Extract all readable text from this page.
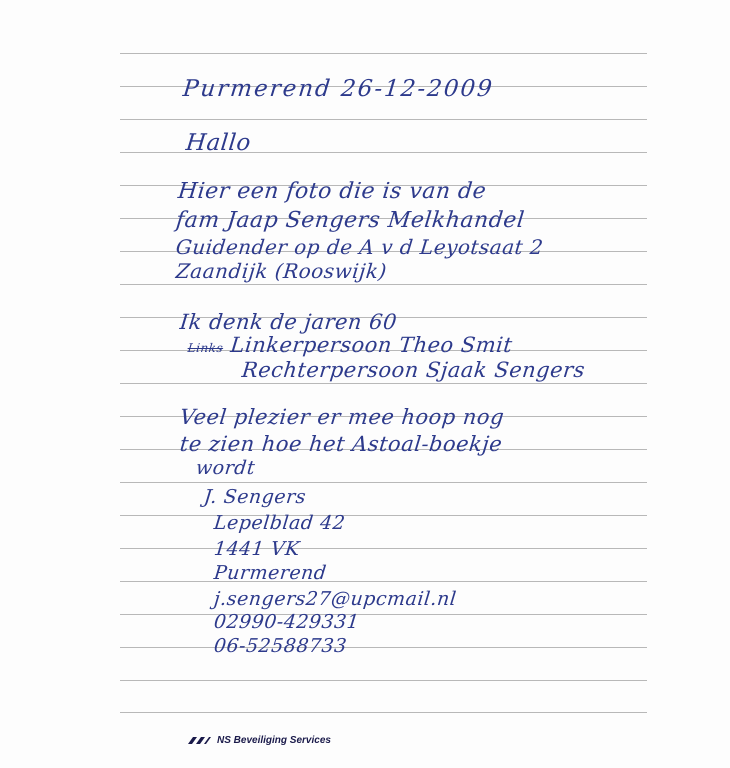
Purmerend 26-12-2009
Hallo
Hier een foto die is van de
fam Jaap Sengers Melkhandel
Guidender op de A v d Leyotsaat 2
Zaandijk (Rooswijk)
Ik denk de jaren 60
Links Linkerpersoon Theo Smit
Rechterpersoon Sjaak Sengers
Veel plezier er mee hoop nog
te zien hoe het Astoal-boekje
wordt
J. Sengers
Lepelblad 42
1441 VK
Purmerend
j.sengers27@upcmail.nl
02990-429331
06-52588733
NS Beveiliging Services
